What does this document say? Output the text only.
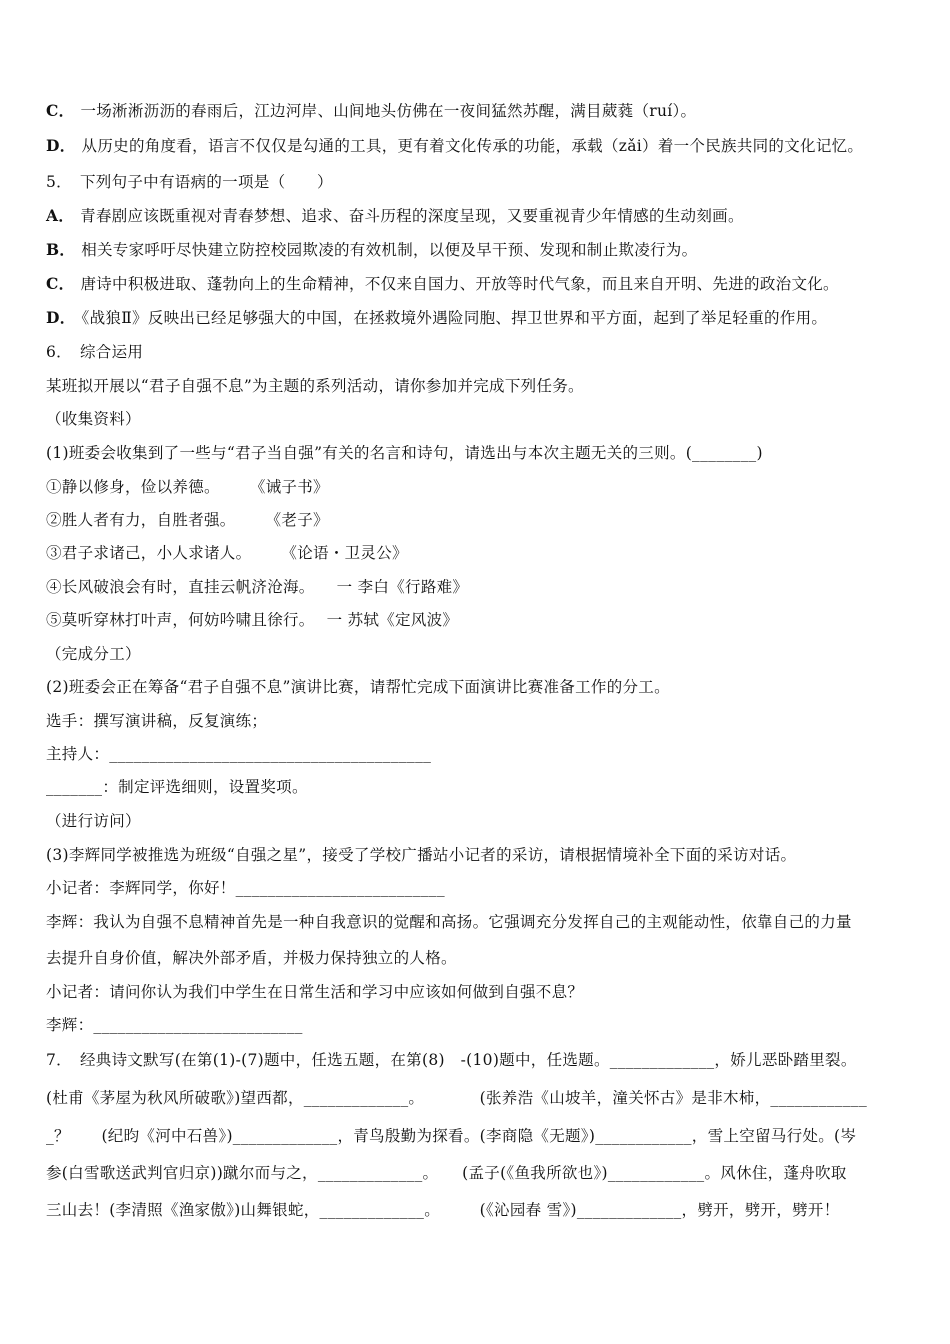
C． 一场淅淅沥沥的春雨后，江边河岸、山间地头仿佛在一夜间猛然苏醒，满目葳蕤（ruí）。
D． 从历史的角度看，语言不仅仅是勾通的工具，更有着文化传承的功能，承载（zǎi）着一个民族共同的文化记忆。
5． 下列句子中有语病的一项是（　　）
A． 青春剧应该既重视对青春梦想、追求、奋斗历程的深度呈现，又要重视青少年情感的生动刻画。
B． 相关专家呼吁尽快建立防控校园欺凌的有效机制，以便及早干预、发现和制止欺凌行为。
C． 唐诗中积极进取、蓬勃向上的生命精神，不仅来自国力、开放等时代气象，而且来自开明、先进的政治文化。
D． 《战狼Ⅱ》反映出已经足够强大的中国，在拯救境外遇险同胞、捍卫世界和平方面，起到了举足轻重的作用。
6． 综合运用
某班拟开展以“君子自强不息”为主题的系列活动，请你参加并完成下列任务。
（收集资料）
(1)班委会收集到了一些与“君子当自强”有关的名言和诗句，请选出与本次主题无关的三则。(________)
①静以修身，俭以养德。 《诫子书》
②胜人者有力，自胜者强。 《老子》
③君子求诸己，小人求诸人。 《论语・卫灵公》
④长风破浪会有时，直挂云帆济沧海。 一 李白《行路难》
⑤莫听穿林打叶声，何妨吟啸且徐行。 一 苏轼《定风波》
（完成分工）
(2)班委会正在筹备“君子自强不息”演讲比赛，请帮忙完成下面演讲比赛准备工作的分工。
选手：撰写演讲稿，反复演练；
主持人：________________________________________
_______：制定评选细则，设置奖项。
（进行访问）
(3)李辉同学被推选为班级“自强之星”，接受了学校广播站小记者的采访，请根据情境补全下面的采访对话。
小记者：李辉同学，你好！__________________________
李辉：我认为自强不息精神首先是一种自我意识的觉醒和高扬。它强调充分发挥自己的主观能动性，依靠自己的力量
去提升自身价值，解决外部矛盾，并极力保持独立的人格。
小记者：请问你认为我们中学生在日常生活和学习中应该如何做到自强不息？
李辉：__________________________
7． 经典诗文默写(在第(1)-(7)题中，任选五题，在第(8)　-(10)题中，任选题。_____________，娇儿恶卧踏里裂。
(杜甫《茅屋为秋风所破歌》)望西都，_____________。　　　　(张养浩《山坡羊，潼关怀古》是非木柿，____________
_？　　(纪昀《河中石兽》)_____________，青鸟殷勤为探看。(李商隐《无题》)____________，雪上空留马行处。(岑
参(白雪歌送武判官归京))蹴尔而与之，_____________。　　(孟子(《鱼我所欲也》)____________。风休住，蓬舟吹取
三山去！(李清照《渔家傲》)山舞银蛇，_____________。　　　(《沁园春 雪》)_____________，劈开，劈开，劈开！
